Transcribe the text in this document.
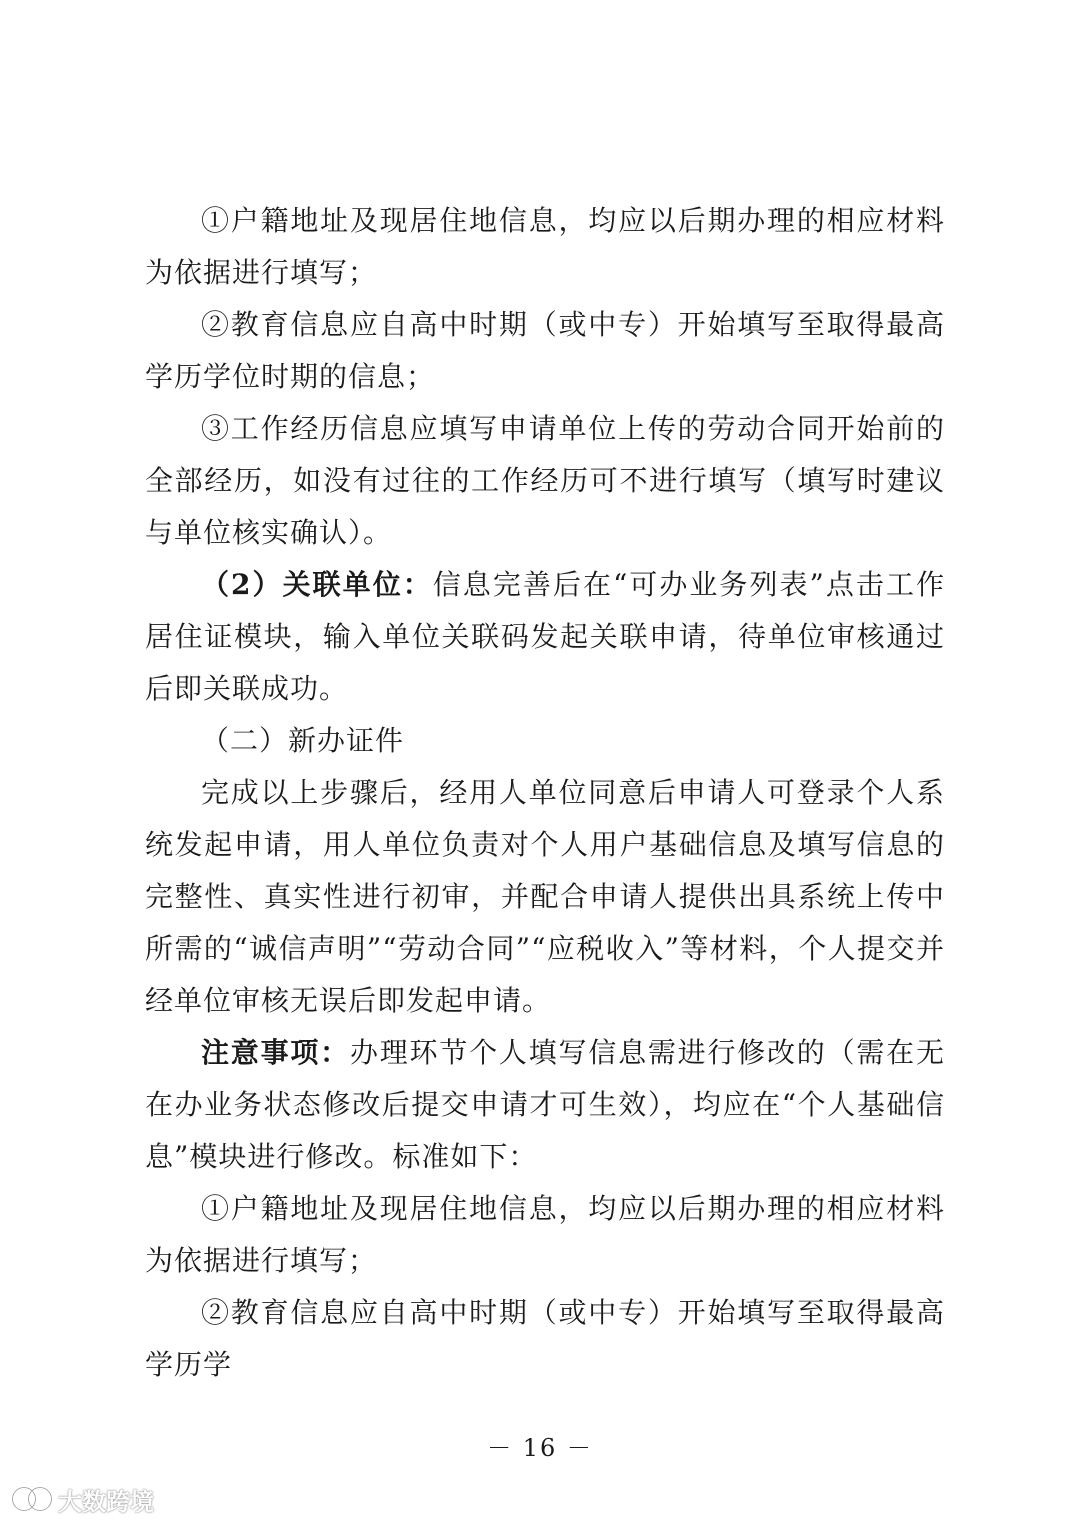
①户籍地址及现居住地信息，均应以后期办理的相应材料为依据进行填写；

②教育信息应自高中时期（或中专）开始填写至取得最高学历学位时期的信息；

③工作经历信息应填写申请单位上传的劳动合同开始前的全部经历，如没有过往的工作经历可不进行填写（填写时建议与单位核实确认）。

（2）关联单位：信息完善后在“可办业务列表”点击工作居住证模块，输入单位关联码发起关联申请，待单位审核通过后即关联成功。

（二）新办证件

完成以上步骤后，经用人单位同意后申请人可登录个人系统发起申请，用人单位负责对个人用户基础信息及填写信息的完整性、真实性进行初审，并配合申请人提供出具系统上传中所需的“诚信声明”“劳动合同”“应税收入”等材料，个人提交并经单位审核无误后即发起申请。

注意事项：办理环节个人填写信息需进行修改的（需在无在办业务状态修改后提交申请才可生效），均应在“个人基础信息”模块进行修改。标准如下：

①户籍地址及现居住地信息，均应以后期办理的相应材料为依据进行填写；

②教育信息应自高中时期（或中专）开始填写至取得最高学历学

－ 16 －
大数跨境
